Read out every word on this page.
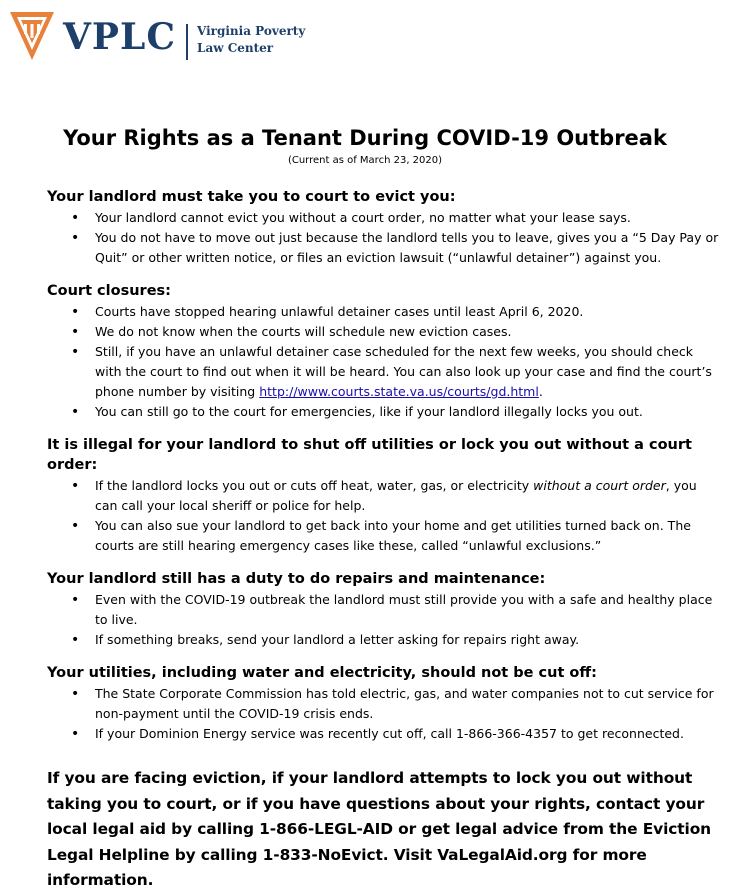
VPLC Virginia Poverty
Law Center
Your Rights as a Tenant During COVID-19 Outbreak
(Current as of March 23, 2020)

Your landlord must take you to court to evict you:

• Your landlord cannot evict you without a court order, no matter what your lease says.
• You do not have to move out just because the landlord tells you to leave, gives you a “5 Day Pay or Quit” or other written notice, or files an eviction lawsuit (“unlawful detainer”) against you.

Court closures:

• Courts have stopped hearing unlawful detainer cases until least April 6, 2020.
• We do not know when the courts will schedule new eviction cases.
• Still, if you have an unlawful detainer case scheduled for the next few weeks, you should check with the court to find out when it will be heard. You can also look up your case and find the court’s phone number by visiting http://www.courts.state.va.us/courts/gd.html.
• You can still go to the court for emergencies, like if your landlord illegally locks you out.

It is illegal for your landlord to shut off utilities or lock you out without a court order:

• If the landlord locks you out or cuts off heat, water, gas, or electricity without a court order, you can call your local sheriff or police for help.
• You can also sue your landlord to get back into your home and get utilities turned back on. The courts are still hearing emergency cases like these, called “unlawful exclusions.”

Your landlord still has a duty to do repairs and maintenance:

• Even with the COVID-19 outbreak the landlord must still provide you with a safe and healthy place to live.
• If something breaks, send your landlord a letter asking for repairs right away.

Your utilities, including water and electricity, should not be cut off:

• The State Corporate Commission has told electric, gas, and water companies not to cut service for non-payment until the COVID-19 crisis ends.
• If your Dominion Energy service was recently cut off, call 1-866-366-4357 to get reconnected.
If you are facing eviction, if your landlord attempts to lock you out without taking you to court, or if you have questions about your rights, contact your local legal aid by calling 1-866-LEGL-AID or get legal advice from the Eviction Legal Helpline by calling 1-833-NoEvict. Visit VaLegalAid.org for more information.
